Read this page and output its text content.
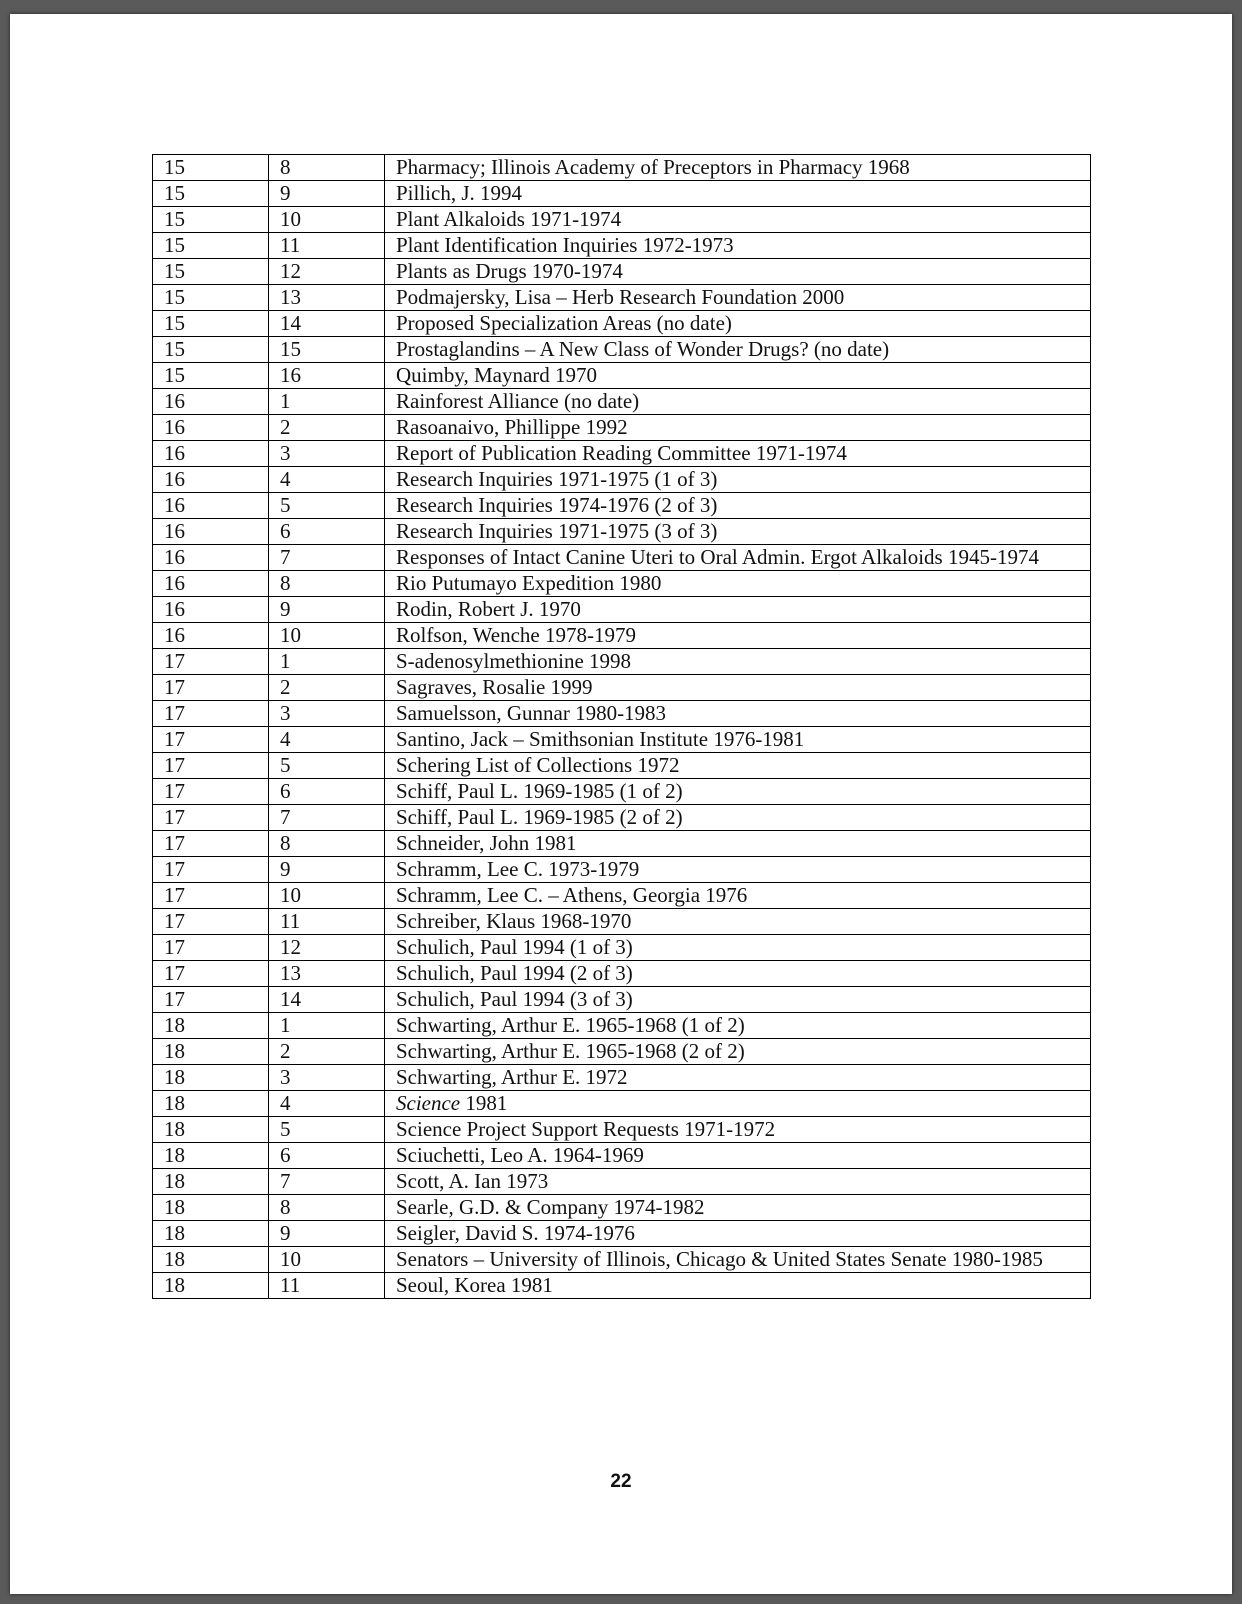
15	8	Pharmacy; Illinois Academy of Preceptors in Pharmacy 1968
15	9	Pillich, J. 1994
15	10	Plant Alkaloids 1971-1974
15	11	Plant Identification Inquiries 1972-1973
15	12	Plants as Drugs 1970-1974
15	13	Podmajersky, Lisa – Herb Research Foundation 2000
15	14	Proposed Specialization Areas (no date)
15	15	Prostaglandins – A New Class of Wonder Drugs? (no date)
15	16	Quimby, Maynard 1970
16	1	Rainforest Alliance (no date)
16	2	Rasoanaivo, Phillippe 1992
16	3	Report of Publication Reading Committee 1971-1974
16	4	Research Inquiries 1971-1975 (1 of 3)
16	5	Research Inquiries 1974-1976 (2 of 3)
16	6	Research Inquiries 1971-1975 (3 of 3)
16	7	Responses of Intact Canine Uteri to Oral Admin. Ergot Alkaloids 1945-1974
16	8	Rio Putumayo Expedition 1980
16	9	Rodin, Robert J. 1970
16	10	Rolfson, Wenche 1978-1979
17	1	S-adenosylmethionine 1998
17	2	Sagraves, Rosalie 1999
17	3	Samuelsson, Gunnar 1980-1983
17	4	Santino, Jack – Smithsonian Institute 1976-1981
17	5	Schering List of Collections 1972
17	6	Schiff, Paul L. 1969-1985 (1 of 2)
17	7	Schiff, Paul L. 1969-1985 (2 of 2)
17	8	Schneider, John 1981
17	9	Schramm, Lee C. 1973-1979
17	10	Schramm, Lee C. – Athens, Georgia 1976
17	11	Schreiber, Klaus 1968-1970
17	12	Schulich, Paul 1994 (1 of 3)
17	13	Schulich, Paul 1994 (2 of 3)
17	14	Schulich, Paul 1994 (3 of 3)
18	1	Schwarting, Arthur E. 1965-1968 (1 of 2)
18	2	Schwarting, Arthur E. 1965-1968 (2 of 2)
18	3	Schwarting, Arthur E. 1972
18	4	Science 1981
18	5	Science Project Support Requests 1971-1972
18	6	Sciuchetti, Leo A. 1964-1969
18	7	Scott, A. Ian 1973
18	8	Searle, G.D. & Company 1974-1982
18	9	Seigler, David S. 1974-1976
18	10	Senators – University of Illinois, Chicago & United States Senate 1980-1985
18	11	Seoul, Korea 1981
22
